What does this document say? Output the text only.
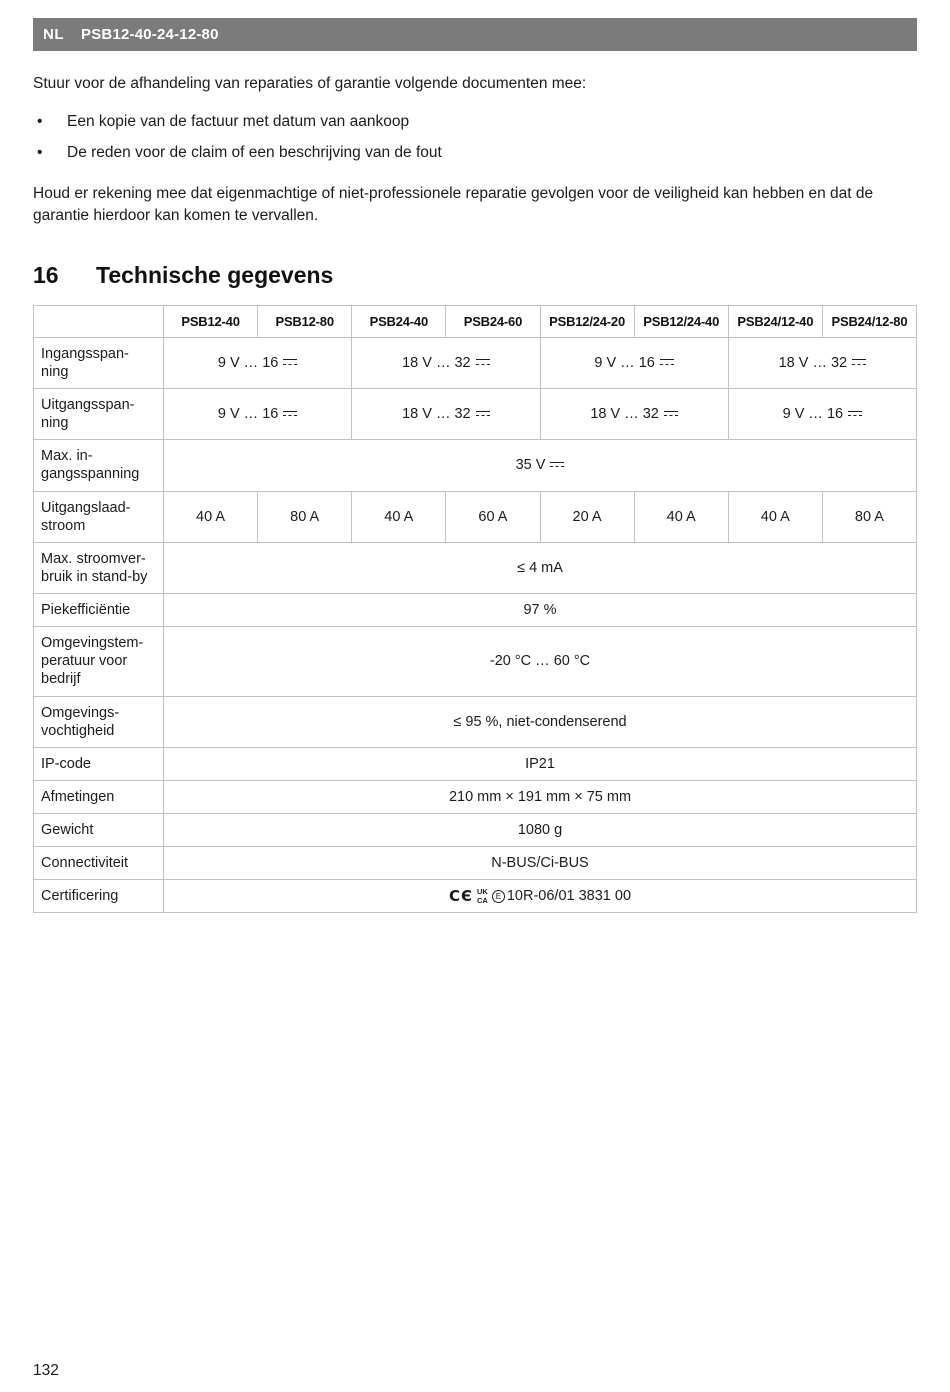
NL PSB12-40-24-12-80

Stuur voor de afhandeling van reparaties of garantie volgende documenten mee:

•	Een kopie van de factuur met datum van aankoop
•	De reden voor de claim of een beschrijving van de fout

Houd er rekening mee dat eigenmachtige of niet-professionele reparatie gevolgen voor de veiligheid kan hebben en dat de garantie hierdoor kan komen te vervallen.

16	Technische gegevens
	PSB12-40	PSB12-80	PSB24-40	PSB24-60	PSB12/24-20	PSB12/24-40	PSB24/12-40	PSB24/12-80
Ingangsspan-
ning	9 V … 16		18 V … 32		9 V … 16		18 V … 32	

Uitgangsspan-
ning	9 V … 16		18 V … 32		18 V … 32		9 V … 16	

Max. in-
gangsspanning	35 V							

Uitgangslaad-
stroom	40 A	80 A	40 A	60 A	20 A	40 A	40 A	80 A
Max. stroomver-
bruik in stand-by	≤ 4 mA							
Piekefficiëntie	97 %							
Omgevingstem-
peratuur voor
bedrijf	-20 °C … 60 °C							
Omgevings-
vochtigheid	≤ 95 %, niet-condenserend							
IP-code	IP21							
Afmetingen	210 mm × 191 mm × 75 mm							
Gewicht	1080 g							
Connectiviteit	N-BUS/Ci-BUS							
Certificering	CЄ UK
CA E 10R-06/01 3831 00							
132
